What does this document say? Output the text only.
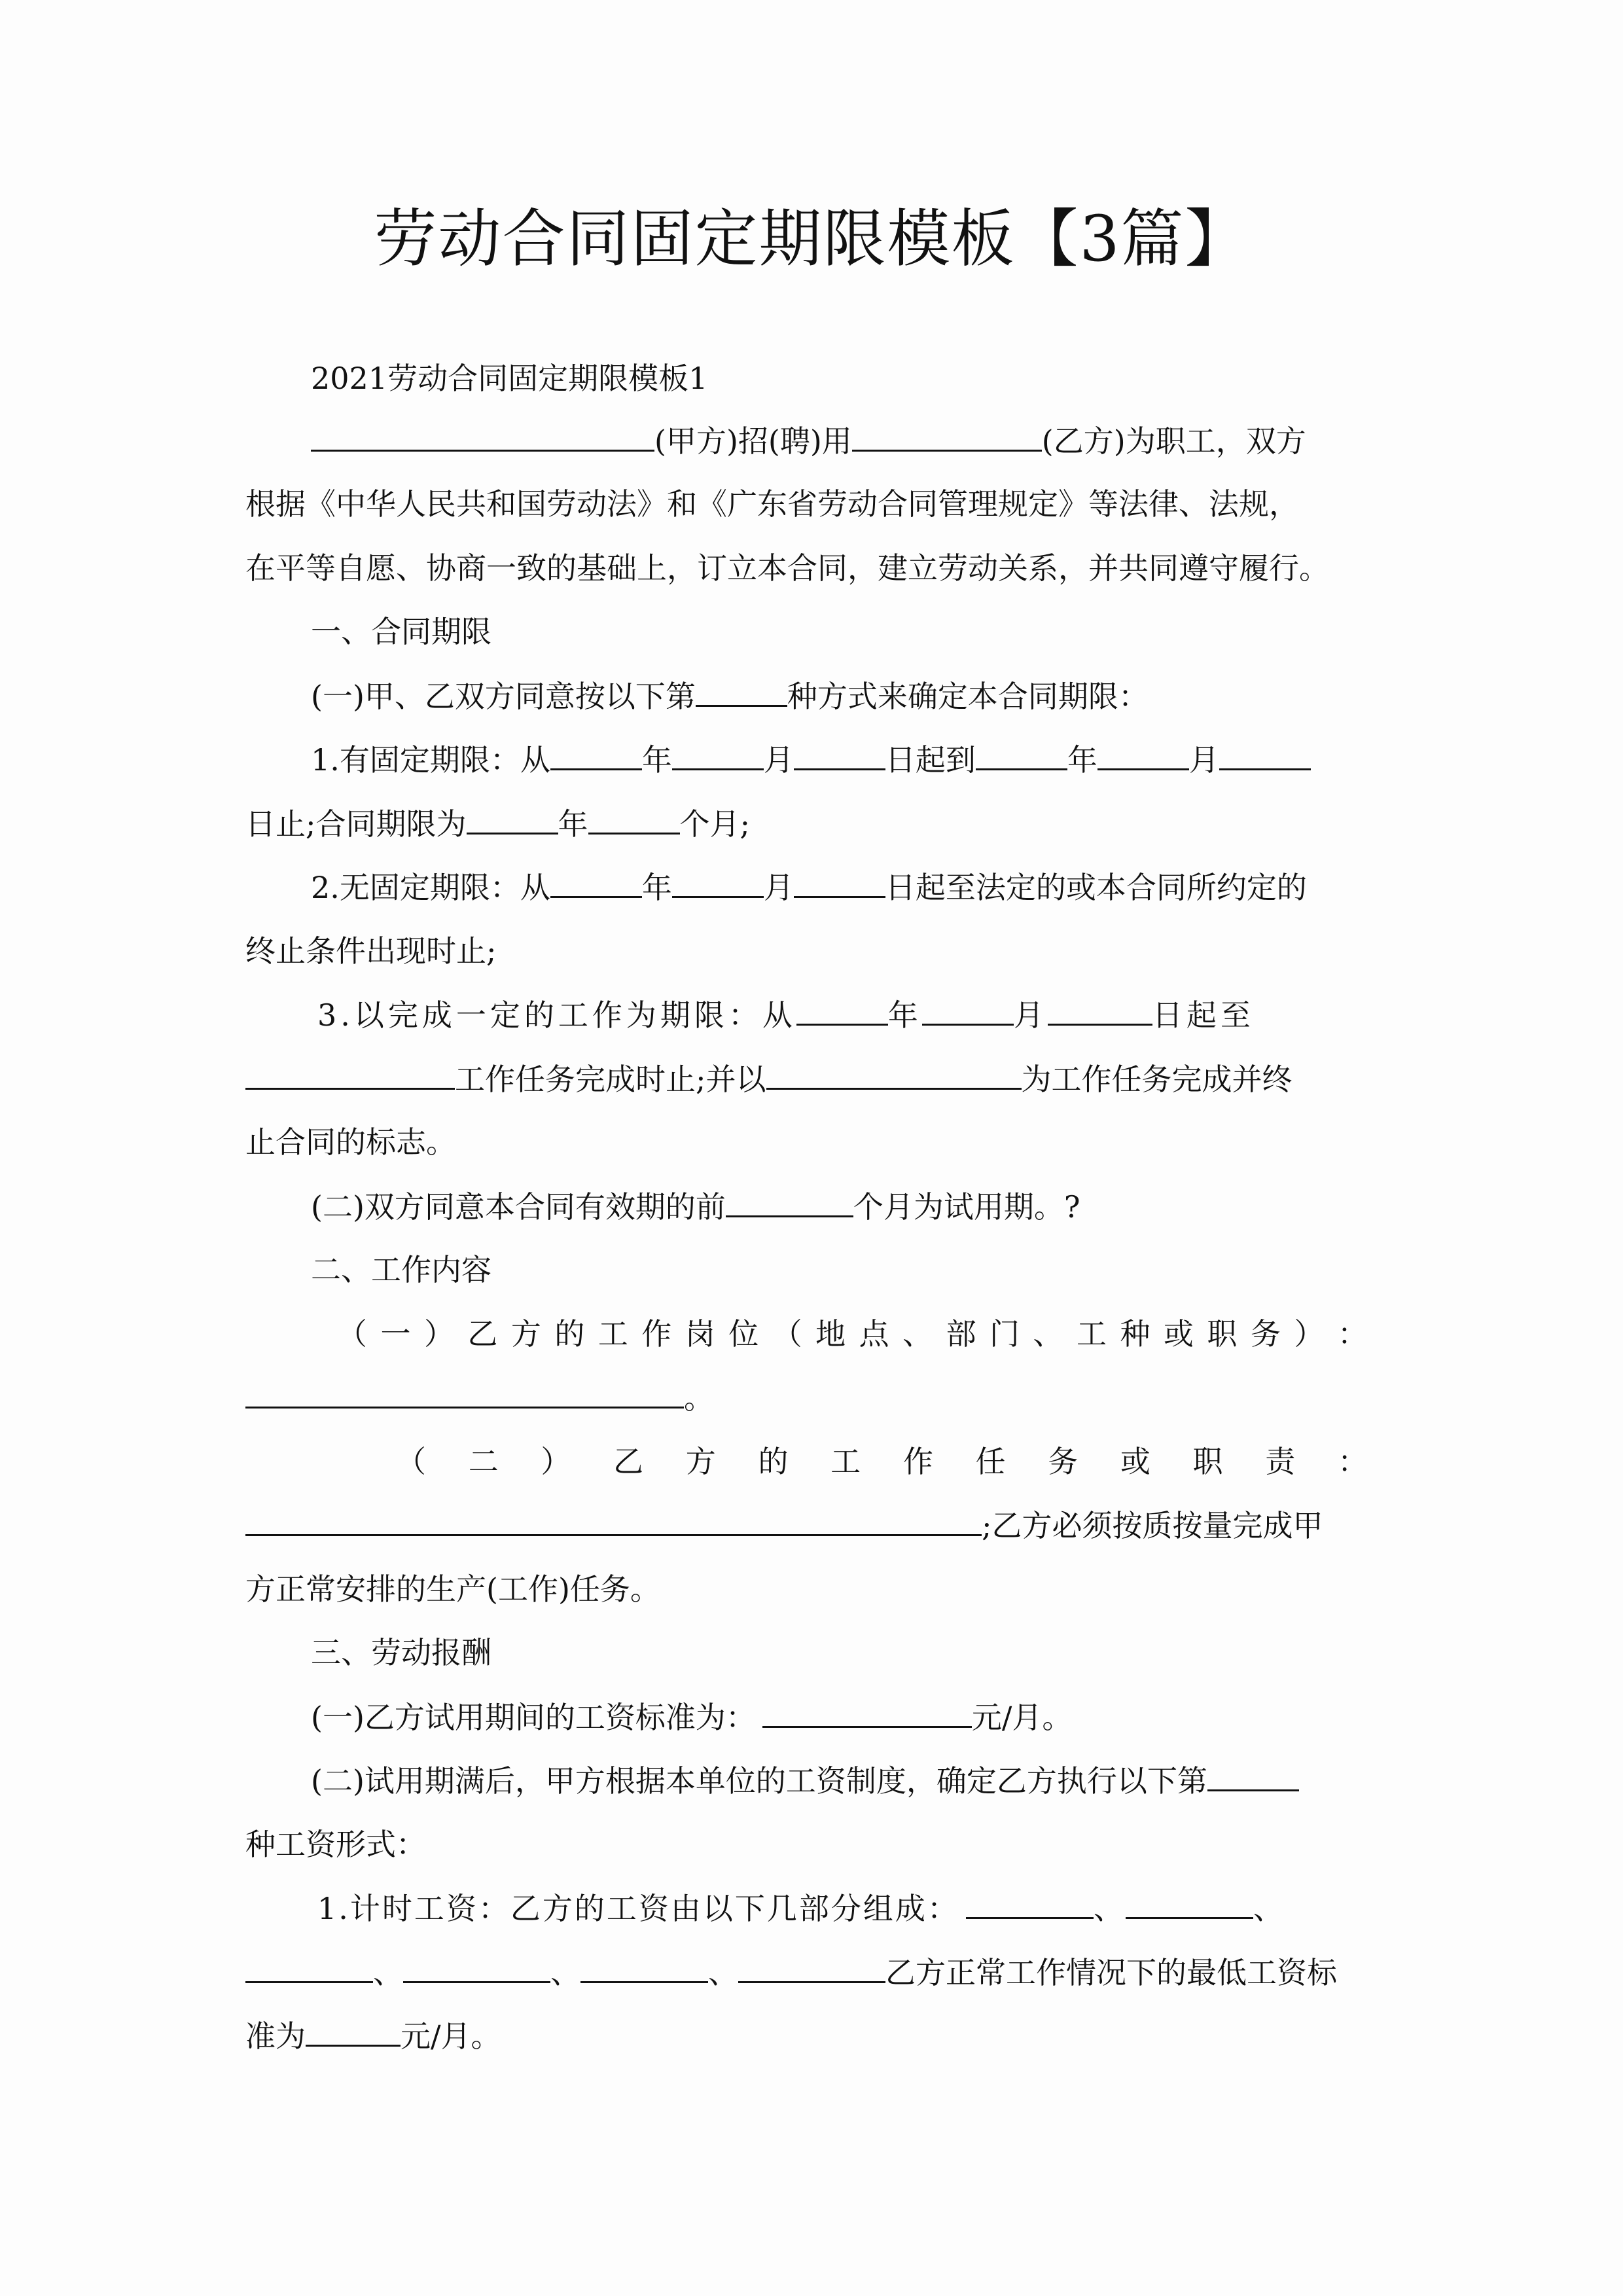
劳动合同固定期限模板【3篇】
2021劳动合同固定期限模板1
(甲方)招(聘)用	(乙方)为职工，双方
根据《中华人民共和国劳动法》和《广东省劳动合同管理规定》等法律、法规，
在平等自愿、协商一致的基础上，订立本合同，建立劳动关系，并共同遵守履行。
一、合同期限
(一)甲、乙双方同意按以下第	种方式来确定本合同期限：
1.有固定期限：从	年	月	日起到	年	月
日止;合同期限为	年	个月;
2.无固定期限：从	年	月	日起至法定的或本合同所约定的
终止条件出现时止;
3.以完成一定的工作为期限：从	年	月	日起至
工作任务完成时止;并以	为工作任务完成并终
止合同的标志。
(二)双方同意本合同有效期的前	个月为试用期。?
二、工作内容
（ 一 ） 乙 方 的 工 作 岗 位 （ 地 点 、 部 门 、 工 种 或 职 务 ） ：
。
（ 二 ） 乙 方 的 工 作 任 务 或 职 责 ：
;乙方必须按质按量完成甲
方正常安排的生产(工作)任务。
三、劳动报酬
(一)乙方试用期间的工资标准为：	元/月。
(二)试用期满后，甲方根据本单位的工资制度，确定乙方执行以下第
种工资形式：
1.计时工资：乙方的工资由以下几部分组成：	、	、
、	、	、	乙方正常工作情况下的最低工资标
准为	元/月。
